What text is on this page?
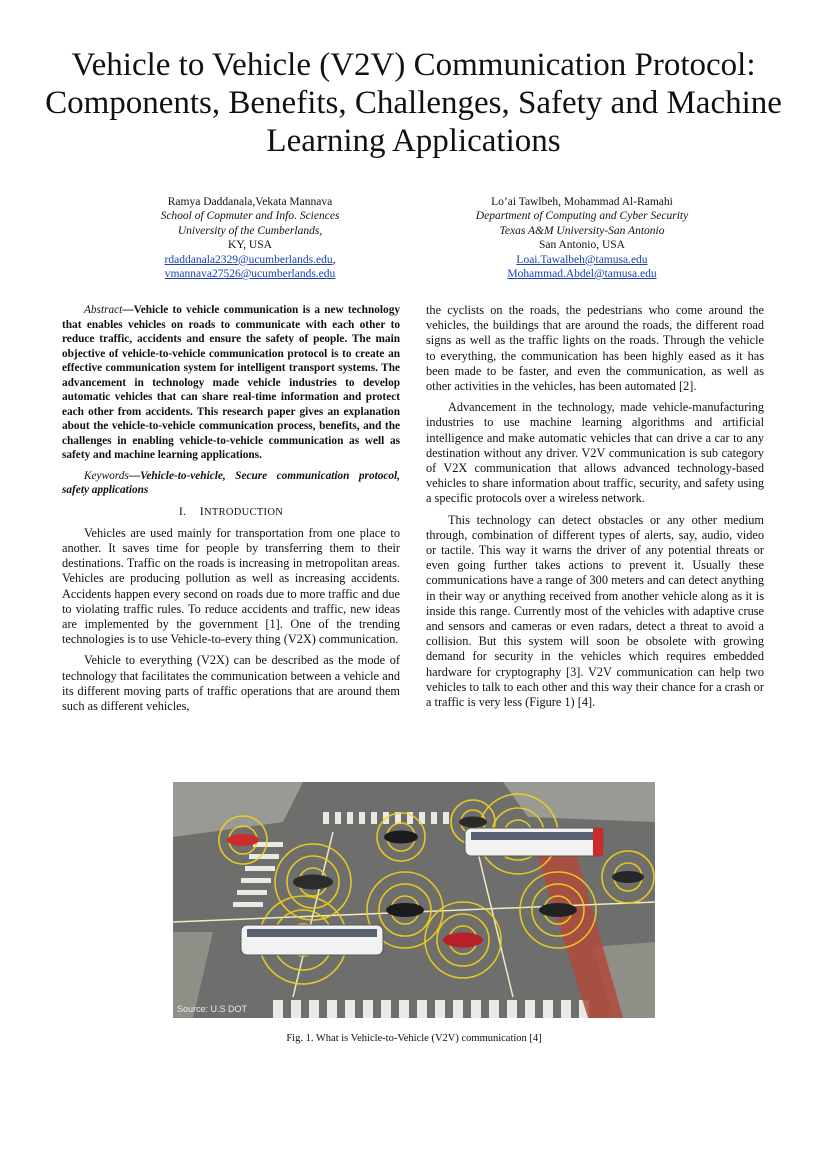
Vehicle to Vehicle (V2V) Communication Protocol: Components, Benefits, Challenges, Safety and Machine Learning Applications
Ramya Daddanala,Vekata Mannava
School of Copmuter and Info. Sciences
University of the Cumberlands,
KY, USA
rdaddanala2329@ucumberlands.edu,
vmannava27526@ucumberlands.edu
Lo’ai Tawlbeh, Mohammad Al-Ramahi
Department of Computing and Cyber Security
Texas A&M University-San Antonio
San Antonio, USA
Loai.Tawalbeh@tamusa.edu
Mohammad.Abdel@tamusa.edu

Abstract—Vehicle to vehicle communication is a new technology that enables vehicles on roads to communicate with each other to reduce traffic, accidents and ensure the safety of people. The main objective of vehicle-to-vehicle communication protocol is to create an effective communication system for intelligent transport systems. The advancement in technology made vehicle industries to develop automatic vehicles that can share real-time information and protect each other from accidents. This research paper gives an explanation about the vehicle-to-vehicle communication process, benefits, and the challenges in enabling vehicle-to-vehicle communication as well as safety and machine learning applications.

Keywords—Vehicle-to-vehicle, Secure communication protocol, safety applications

I. INTRODUCTION

Vehicles are used mainly for transportation from one place to another. It saves time for people by transferring them to their destinations. Traffic on the roads is increasing in metropolitan areas. Vehicles are producing pollution as well as increasing accidents. Accidents happen every second on roads due to more traffic and due to violating traffic rules. To reduce accidents and traffic, new ideas are implemented by the government [1]. One of the trending technologies is to use Vehicle-to-every thing (V2X) communication.

Vehicle to everything (V2X) can be described as the mode of technology that facilitates the communication between a vehicle and its different moving parts of traffic operations that are around them such as different vehicles,

the cyclists on the roads, the pedestrians who come around the vehicles, the buildings that are around the roads, the different road signs as well as the traffic lights on the roads. Through the vehicle to everything, the communication has been highly eased as it has been made to be faster, and even the communication, as well as other activities in the vehicles, has been automated [2].

Advancement in the technology, made vehicle-manufacturing industries to use machine learning algorithms and artificial intelligence and make automatic vehicles that can drive a car to any destination without any driver. V2V communication is sub category of V2X communication that allows advanced technology-based vehicles to share information about traffic, security, and safety using a specific protocols over a wireless network.

This technology can detect obstacles or any other medium through, combination of different types of alerts, say, audio, video or tactile. This way it warns the driver of any potential threats or even going further takes actions to prevent it. Usually these communications have a range of 300 meters and can detect anything in their way or anything received from another vehicle along as it is inside this range. Currently most of the vehicles with adaptive cruse and sensors and cameras or even radars, detect a threat to avoid a collision. But this system will soon be obsolete with growing demand for security in the vehicles which requires embedded hardware for cryptography [3]. V2V communication can help two vehicles to talk to each other and this way their chance for a crash or a traffic is very less (Figure 1) [4].

Source: U.S DOT
Fig. 1. What is Vehicle-to-Vehicle (V2V) communication [4]
